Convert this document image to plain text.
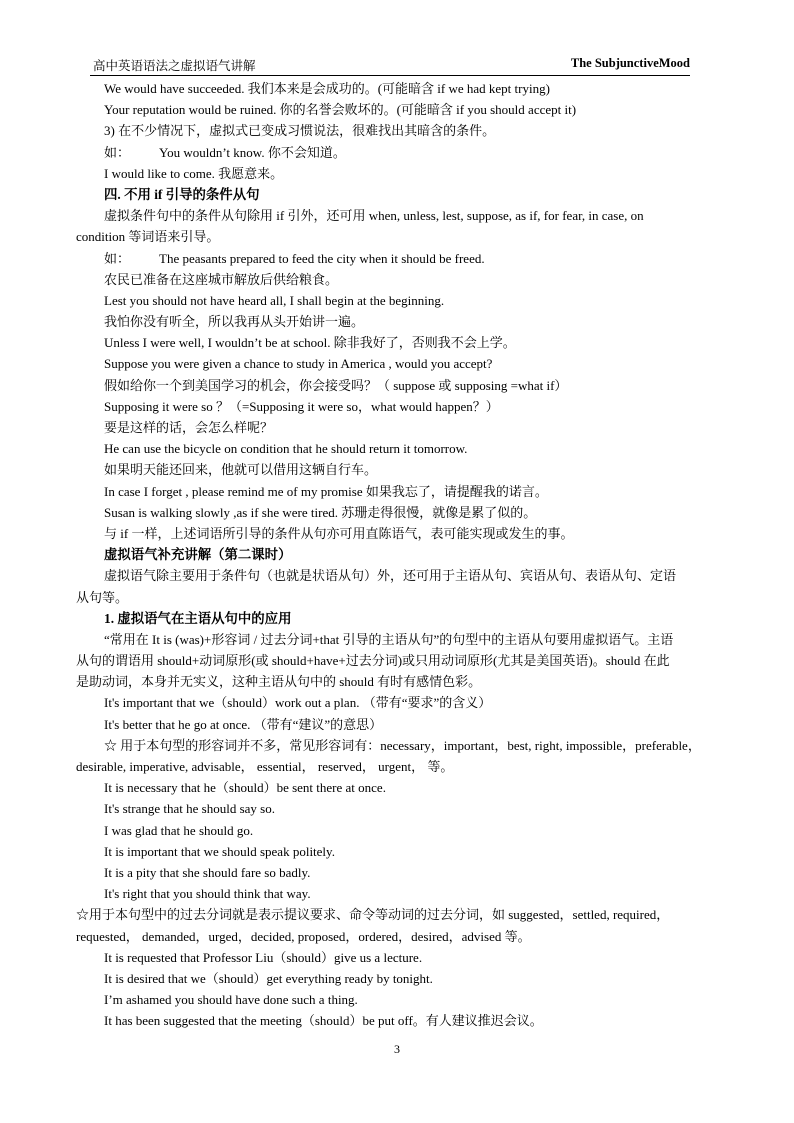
高中英语语法之虚拟语气讲解	The SubjunctiveMood
We would have succeeded. 我们本来是会成功的。(可能暗含 if we had kept trying)
Your reputation would be ruined. 你的名誉会败坏的。(可能暗含 if you should accept it)
3) 在不少情况下，虚拟式已变成习惯说法，很难找出其暗含的条件。
如： You wouldn’t know. 你不会知道。
I would like to come. 我愿意来。
四. 不用 if 引导的条件从句
虚拟条件句中的条件从句除用 if 引外，还可用 when, unless, lest, suppose, as if, for fear, in case, on
condition 等词语来引导。
如： The peasants prepared to feed the city when it should be freed.
农民已准备在这座城市解放后供给粮食。
Lest you should not have heard all, I shall begin at the beginning.
我怕你没有听全，所以我再从头开始讲一遍。
Unless I were well, I wouldn’t be at school. 除非我好了，否则我不会上学。
Suppose you were given a chance to study in America , would you accept?
假如给你一个到美国学习的机会，你会接受吗？（ suppose 或 supposing =what if）
Supposing it were so ？（=Supposing it were so，what would happen？）
要是这样的话，会怎么样呢？
He can use the bicycle on condition that he should return it tomorrow.
如果明天能还回来，他就可以借用这辆自行车。
In case I forget , please remind me of my promise 如果我忘了，请提醒我的诺言。
Susan is walking slowly ,as if she were tired. 苏珊走得很慢，就像是累了似的。
与 if 一样，上述词语所引导的条件从句亦可用直陈语气，表可能实现或发生的事。
虚拟语气补充讲解（第二课时）
虚拟语气除主要用于条件句（也就是状语从句）外，还可用于主语从句、宾语从句、表语从句、定语
从句等。
1. 虚拟语气在主语从句中的应用
“常用在 It is (was)+形容词 / 过去分词+that 引导的主语从句”的句型中的主语从句要用虚拟语气。主语
从句的谓语用 should+动词原形(或 should+have+过去分词)或只用动词原形(尤其是美国英语)。should 在此
是助动词，本身并无实义，这种主语从句中的 should 有时有感情色彩。
It's important that we（should）work out a plan. （带有“要求”的含义）
It's better that he go at once. （带有“建议”的意思）
☆ 用于本句型的形容词并不多，常见形容词有：necessary，important，best, right, impossible，preferable，
desirable, imperative, advisable， essential， reserved， urgent， 等。
It is necessary that he（should）be sent there at once.
It's strange that he should say so.
I was glad that he should go.
It is important that we should speak politely.
It is a pity that she should fare so badly.
It's right that you should think that way.
☆用于本句型中的过去分词就是表示提议要求、命令等动词的过去分词，如 suggested，settled, required，
requested， demanded，urged，decided, proposed，ordered，desired，advised 等。
It is requested that Professor Liu（should）give us a lecture.
It is desired that we（should）get everything ready by tonight.
I’m ashamed you should have done such a thing.
It has been suggested that the meeting（should）be put off。有人建议推迟会议。
3
